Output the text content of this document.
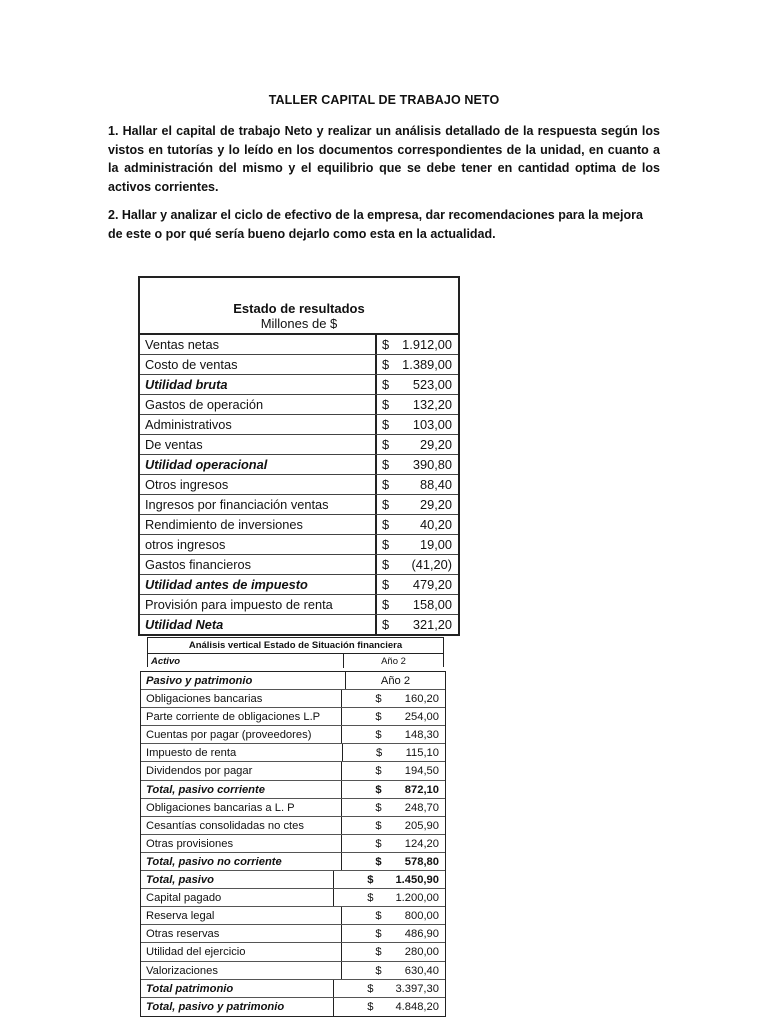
TALLER CAPITAL DE TRABAJO NETO

1. Hallar el capital de trabajo Neto y realizar un análisis detallado de la respuesta según los vistos en tutorías y lo leído en los documentos correspondientes de la unidad, en cuanto a la administración del mismo y el equilibrio que se debe tener en cantidad optima de los activos corrientes.

2. Hallar y analizar el ciclo de efectivo de la empresa, dar recomendaciones para la mejora de este o por qué sería bueno dejarlo como esta en la actualidad.

Estado de resultados
Millones de $
Ventas netas	$	1.912,00
Costo de ventas	$	1.389,00
Utilidad bruta	$	523,00
Gastos de operación	$	132,20
Administrativos	$	103,00
De ventas	$	29,20
Utilidad operacional	$	390,80
Otros ingresos	$	88,40
Ingresos por financiación ventas	$	29,20
Rendimiento de inversiones	$	40,20
otros ingresos	$	19,00
Gastos financieros	$	(41,20)
Utilidad antes de impuesto	$	479,20
Provisión para impuesto de renta	$	158,00
Utilidad Neta	$	321,20
Análisis vertical Estado de Situación financiera
Activo	Año 2
Pasivo y patrimonio	Año 2
Obligaciones bancarias	$	160,20
Parte corriente de obligaciones L.P	$	254,00
Cuentas por pagar (proveedores)	$	148,30
Impuesto de renta	$	115,10
Dividendos por pagar	$	194,50
Total, pasivo corriente	$	872,10
Obligaciones bancarias a L. P	$	248,70
Cesantías consolidadas no ctes	$	205,90
Otras provisiones	$	124,20
Total, pasivo no corriente	$	578,80
Total, pasivo	$	1.450,90
Capital pagado	$	1.200,00
Reserva legal	$	800,00
Otras reservas	$	486,90
Utilidad del ejercicio	$	280,00
Valorizaciones	$	630,40
Total patrimonio	$	3.397,30
Total, pasivo y patrimonio	$	4.848,20
